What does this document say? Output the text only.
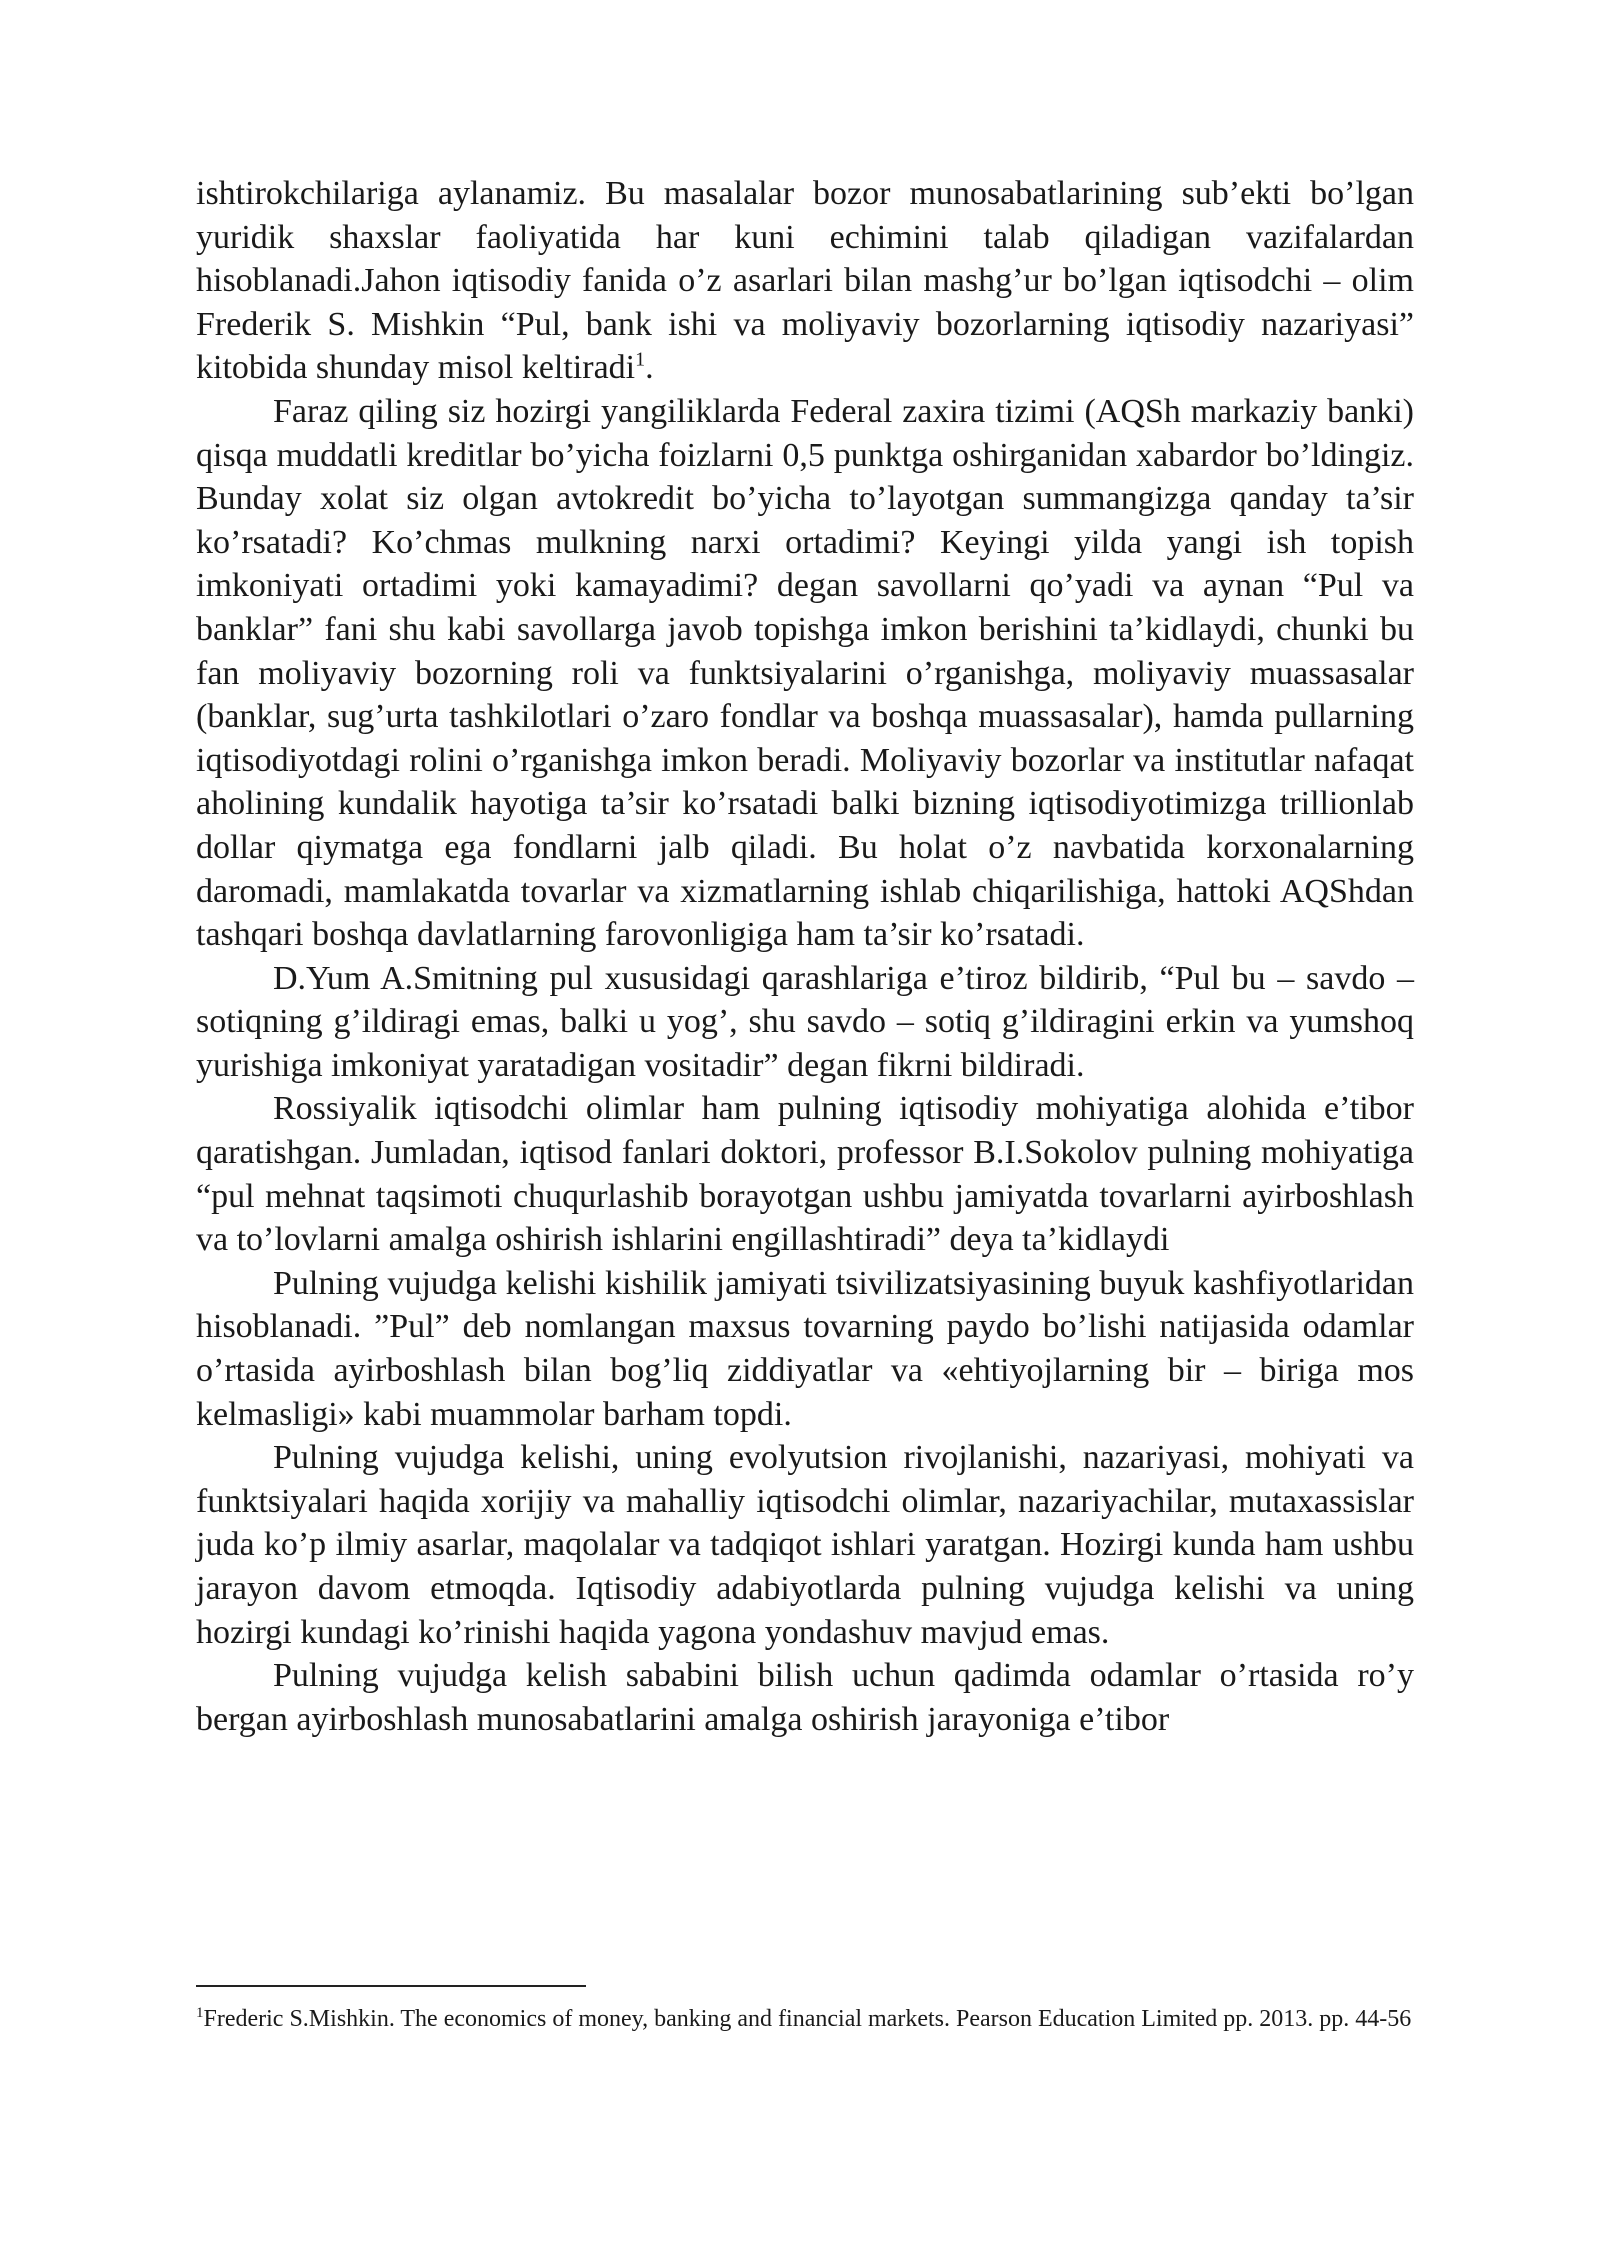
ishtirokchilariga aylanamiz. Bu masalalar bozor munosabatlarining sub’ekti bo’lgan yuridik shaxslar faoliyatida har kuni echimini talab qiladigan vazifalardan hisoblanadi.Jahon iqtisodiy fanida o’z asarlari bilan mashg’ur bo’lgan iqtisodchi – olim Frederik S. Mishkin “Pul, bank ishi va moliyaviy bozorlarning iqtisodiy nazariyasi” kitobida shunday misol keltiradi$^1$.

Faraz qiling siz hozirgi yangiliklarda Federal zaxira tizimi (AQSh markaziy banki) qisqa muddatli kreditlar bo’yicha foizlarni 0,5 punktga oshirganidan xabardor bo’ldingiz. Bunday xolat siz olgan avtokredit bo’yicha to’layotgan summangizga qanday ta’sir ko’rsatadi? Ko’chmas mulkning narxi ortadimi? Keyingi yilda yangi ish topish imkoniyati ortadimi yoki kamayadimi? degan savollarni qo’yadi va aynan “Pul va banklar” fani shu kabi savollarga javob topishga imkon berishini ta’kidlaydi, chunki bu fan moliyaviy bozorning roli va funktsiyalarini o’rganishga, moliyaviy muassasalar (banklar, sug’urta tashkilotlari o’zaro fondlar va boshqa muassasalar), hamda pullarning iqtisodiyotdagi rolini o’rganishga imkon beradi. Moliyaviy bozorlar va institutlar nafaqat aholining kundalik hayotiga ta’sir ko’rsatadi balki bizning iqtisodiyotimizga trillionlab dollar qiymatga ega fondlarni jalb qiladi. Bu holat o’z navbatida korxonalarning daromadi, mamlakatda tovarlar va xizmatlarning ishlab chiqarilishiga, hattoki AQShdan tashqari boshqa davlatlarning farovonligiga ham ta’sir ko’rsatadi.

D.Yum A.Smitning pul xususidagi qarashlariga e’tiroz bildirib, “Pul bu – savdo – sotiqning g’ildiragi emas, balki u yog’, shu savdo – sotiq g’ildiragini erkin va yumshoq yurishiga imkoniyat yaratadigan vositadir” degan fikrni bildiradi.

Rossiyalik iqtisodchi olimlar ham pulning iqtisodiy mohiyatiga alohida e’tibor qaratishgan. Jumladan, iqtisod fanlari doktori, professor B.I.Sokolov pulning mohiyatiga “pul mehnat taqsimoti chuqurlashib borayotgan ushbu jamiyatda tovarlarni ayirboshlash va to’lovlarni amalga oshirish ishlarini engillashtiradi” deya ta’kidlaydi

Pulning vujudga kelishi kishilik jamiyati tsivilizatsiyasining buyuk kashfiyotlaridan hisoblanadi. ”Pul” deb nomlangan maxsus tovarning paydo bo’lishi natijasida odamlar o’rtasida ayirboshlash bilan bog’liq ziddiyatlar va «ehtiyojlarning bir – biriga mos kelmasligi» kabi muammolar barham topdi.

Pulning vujudga kelishi, uning evolyutsion rivojlanishi, nazariyasi, mohiyati va funktsiyalari haqida xorijiy va mahalliy iqtisodchi olimlar, nazariyachilar, mutaxassislar juda ko’p ilmiy asarlar, maqolalar va tadqiqot ishlari yaratgan. Hozirgi kunda ham ushbu jarayon davom etmoqda. Iqtisodiy adabiyotlarda pulning vujudga kelishi va uning hozirgi kundagi ko’rinishi haqida yagona yondashuv mavjud emas.

Pulning vujudga kelish sababini bilish uchun qadimda odamlar o’rtasida ro’y bergan ayirboshlash munosabatlarini amalga oshirish jarayoniga e’tibor

$^1$Frederic S.Mishkin. The economics of money, banking and financial markets. Pearson Education Limited pp. 2013. pp. 44-56
